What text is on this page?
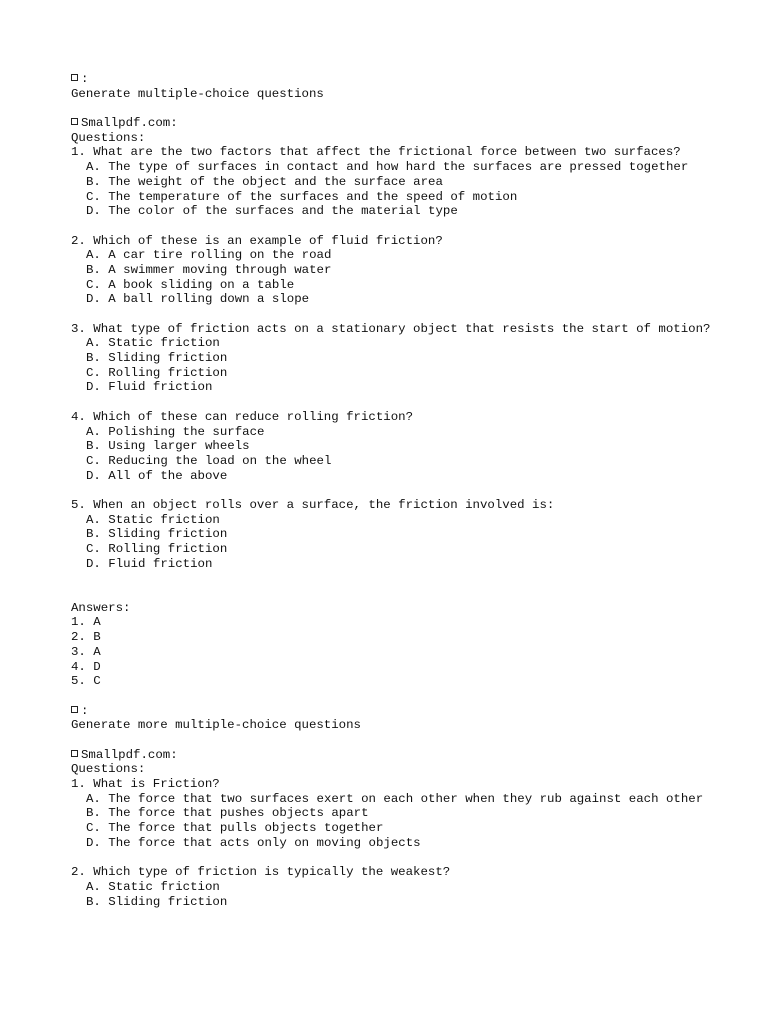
:
Generate multiple-choice questions
Smallpdf.com:
Questions:
1. What are the two factors that affect the frictional force between two surfaces?
A. The type of surfaces in contact and how hard the surfaces are pressed together
B. The weight of the object and the surface area
C. The temperature of the surfaces and the speed of motion
D. The color of the surfaces and the material type
2. Which of these is an example of fluid friction?
A. A car tire rolling on the road
B. A swimmer moving through water
C. A book sliding on a table
D. A ball rolling down a slope
3. What type of friction acts on a stationary object that resists the start of motion?
A. Static friction
B. Sliding friction
C. Rolling friction
D. Fluid friction
4. Which of these can reduce rolling friction?
A. Polishing the surface
B. Using larger wheels
C. Reducing the load on the wheel
D. All of the above
5. When an object rolls over a surface, the friction involved is:
A. Static friction
B. Sliding friction
C. Rolling friction
D. Fluid friction
Answers:
1. A
2. B
3. A
4. D
5. C
:
Generate more multiple-choice questions
Smallpdf.com:
Questions:
1. What is Friction?
A. The force that two surfaces exert on each other when they rub against each other
B. The force that pushes objects apart
C. The force that pulls objects together
D. The force that acts only on moving objects
2. Which type of friction is typically the weakest?
A. Static friction
B. Sliding friction
